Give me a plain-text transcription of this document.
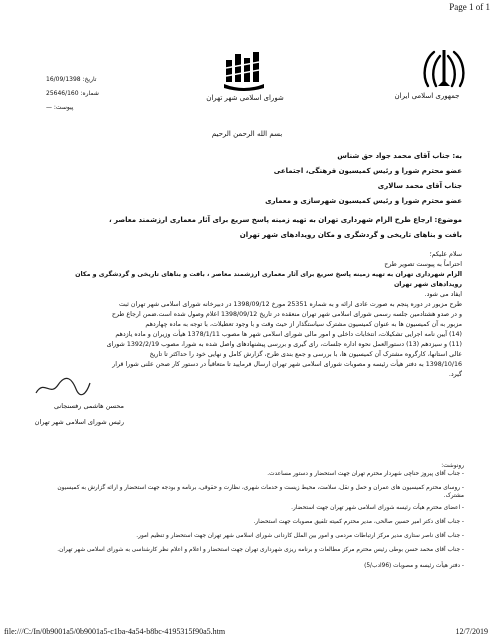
Page 1 of 1
جمهوری اسلامی ایران
شورای اسلامی شهر تهران
تاریخ: 16/09/1398
شماره: 25646/160
پیوست: —
بسم الله الرحمن الرحیم
به: جناب آقای محمد جواد حق شناس
عضو محترم شورا و رئیس کمیسیون فرهنگی، اجتماعی
جناب آقای محمد سالاری
عضو محترم شورا و رئیس کمیسیون شهرسازی و معماری
موضوع: ارجاع طرح الزام شهرداری تهران به تهیه زمینه پاسخ سریع برای آثار معماری ارزشمند معاصر ،
بافت و بناهای تاریخی و گردشگری و مکان رویدادهای شهر تهران
سلام علیکم؛
احتراماً به پیوست تصویر طرح
الزام شهرداری تهران به تهیه زمینه پاسخ سریع برای آثار معماری ارزشمند معاصر ، بافت و بناهای تاریخی و گردشگری و مکان
رویدادهای شهر تهران
ایفاد می شود.
طرح مزبور در دوره پنجم به صورت عادی ارائه و به شماره 25351 مورخ 1398/09/12 در دبیرخانه شورای اسلامی شهر تهران ثبت
و در صدو هشتادمین جلسه رسمی شورای اسلامی شهر تهران منعقده در تاریخ 1398/09/12 اعلام وصول شده است.ضمن ارجاع طرح
مزبور به آن کمیسیون ها به عنوان کمیسیون مشترک سیاستگذار از حیث وقت و با وجود تعطیلات، با توجه به ماده چهاردهم
(14) آیین نامه اجرایی تشکیلات، انتخابات داخلی و امور مالی شورای اسلامی شهر ها مصوب 1378/1/11 هیأت وزیران و ماده یازدهم
(11) و سیزدهم (13) دستورالعمل نحوه اداره جلسات، رای گیری و بررسی پیشنهادهای واصل شده به شورا، مصوب 1392/2/19 شورای
عالی استانها، کارگروه مشترک آن کمیسیون ها، با بررسی و جمع بندی طرح، گزارش کامل و نهایی خود را حداکثر تا تاریخ
1398/10/16 به دفتر هیأت رئیسه و مصوبات شورای اسلامی شهر تهران ارسال فرمایید تا متعاقباً در دستور کار صحن علنی شورا قرار
گیرد.
محسن هاشمی رفسنجانی
رئیس شورای اسلامی شهر تهران
رونوشت:
- جناب آقای پیروز حناچی شهردار محترم تهران جهت استحضار و دستور مساعدت.
- روسای محترم کمیسیون های عمران و حمل و نقل، سلامت، محیط زیست و خدمات شهری، نظارت و حقوقی، برنامه و بودجه جهت استحضار و ارائه گزارش به کمیسیون
مشترک.
- اعضای محترم هیأت رئیسه شورای اسلامی شهر تهران جهت استحضار.
- جناب آقای دکتر امیر حسین صالحی، مدیر محترم کمیته تلفیق مصوبات جهت استحضار.
- جناب آقای ناصر ستاری مدیر مرکز ارتباطات مردمی و امور بین الملل کاردانی شورای اسلامی شهر تهران جهت استحضار و تنظیم امور.
- جناب آقای محمد حسن بوطی رئیس محترم مرکز مطالعات و برنامه ریزی شهرداری تهران جهت استحضار و اعلام و اعلام نظر کارشناسی به شورای اسلامی شهر تهران.
- دفتر هیأت رئیسه و مصوبات (96ادب/5)
file:///C:/In/0b9001a5/0b9001a5-c1ba-4a54-b8bc-4195315f90a5.htm	12/7/2019
